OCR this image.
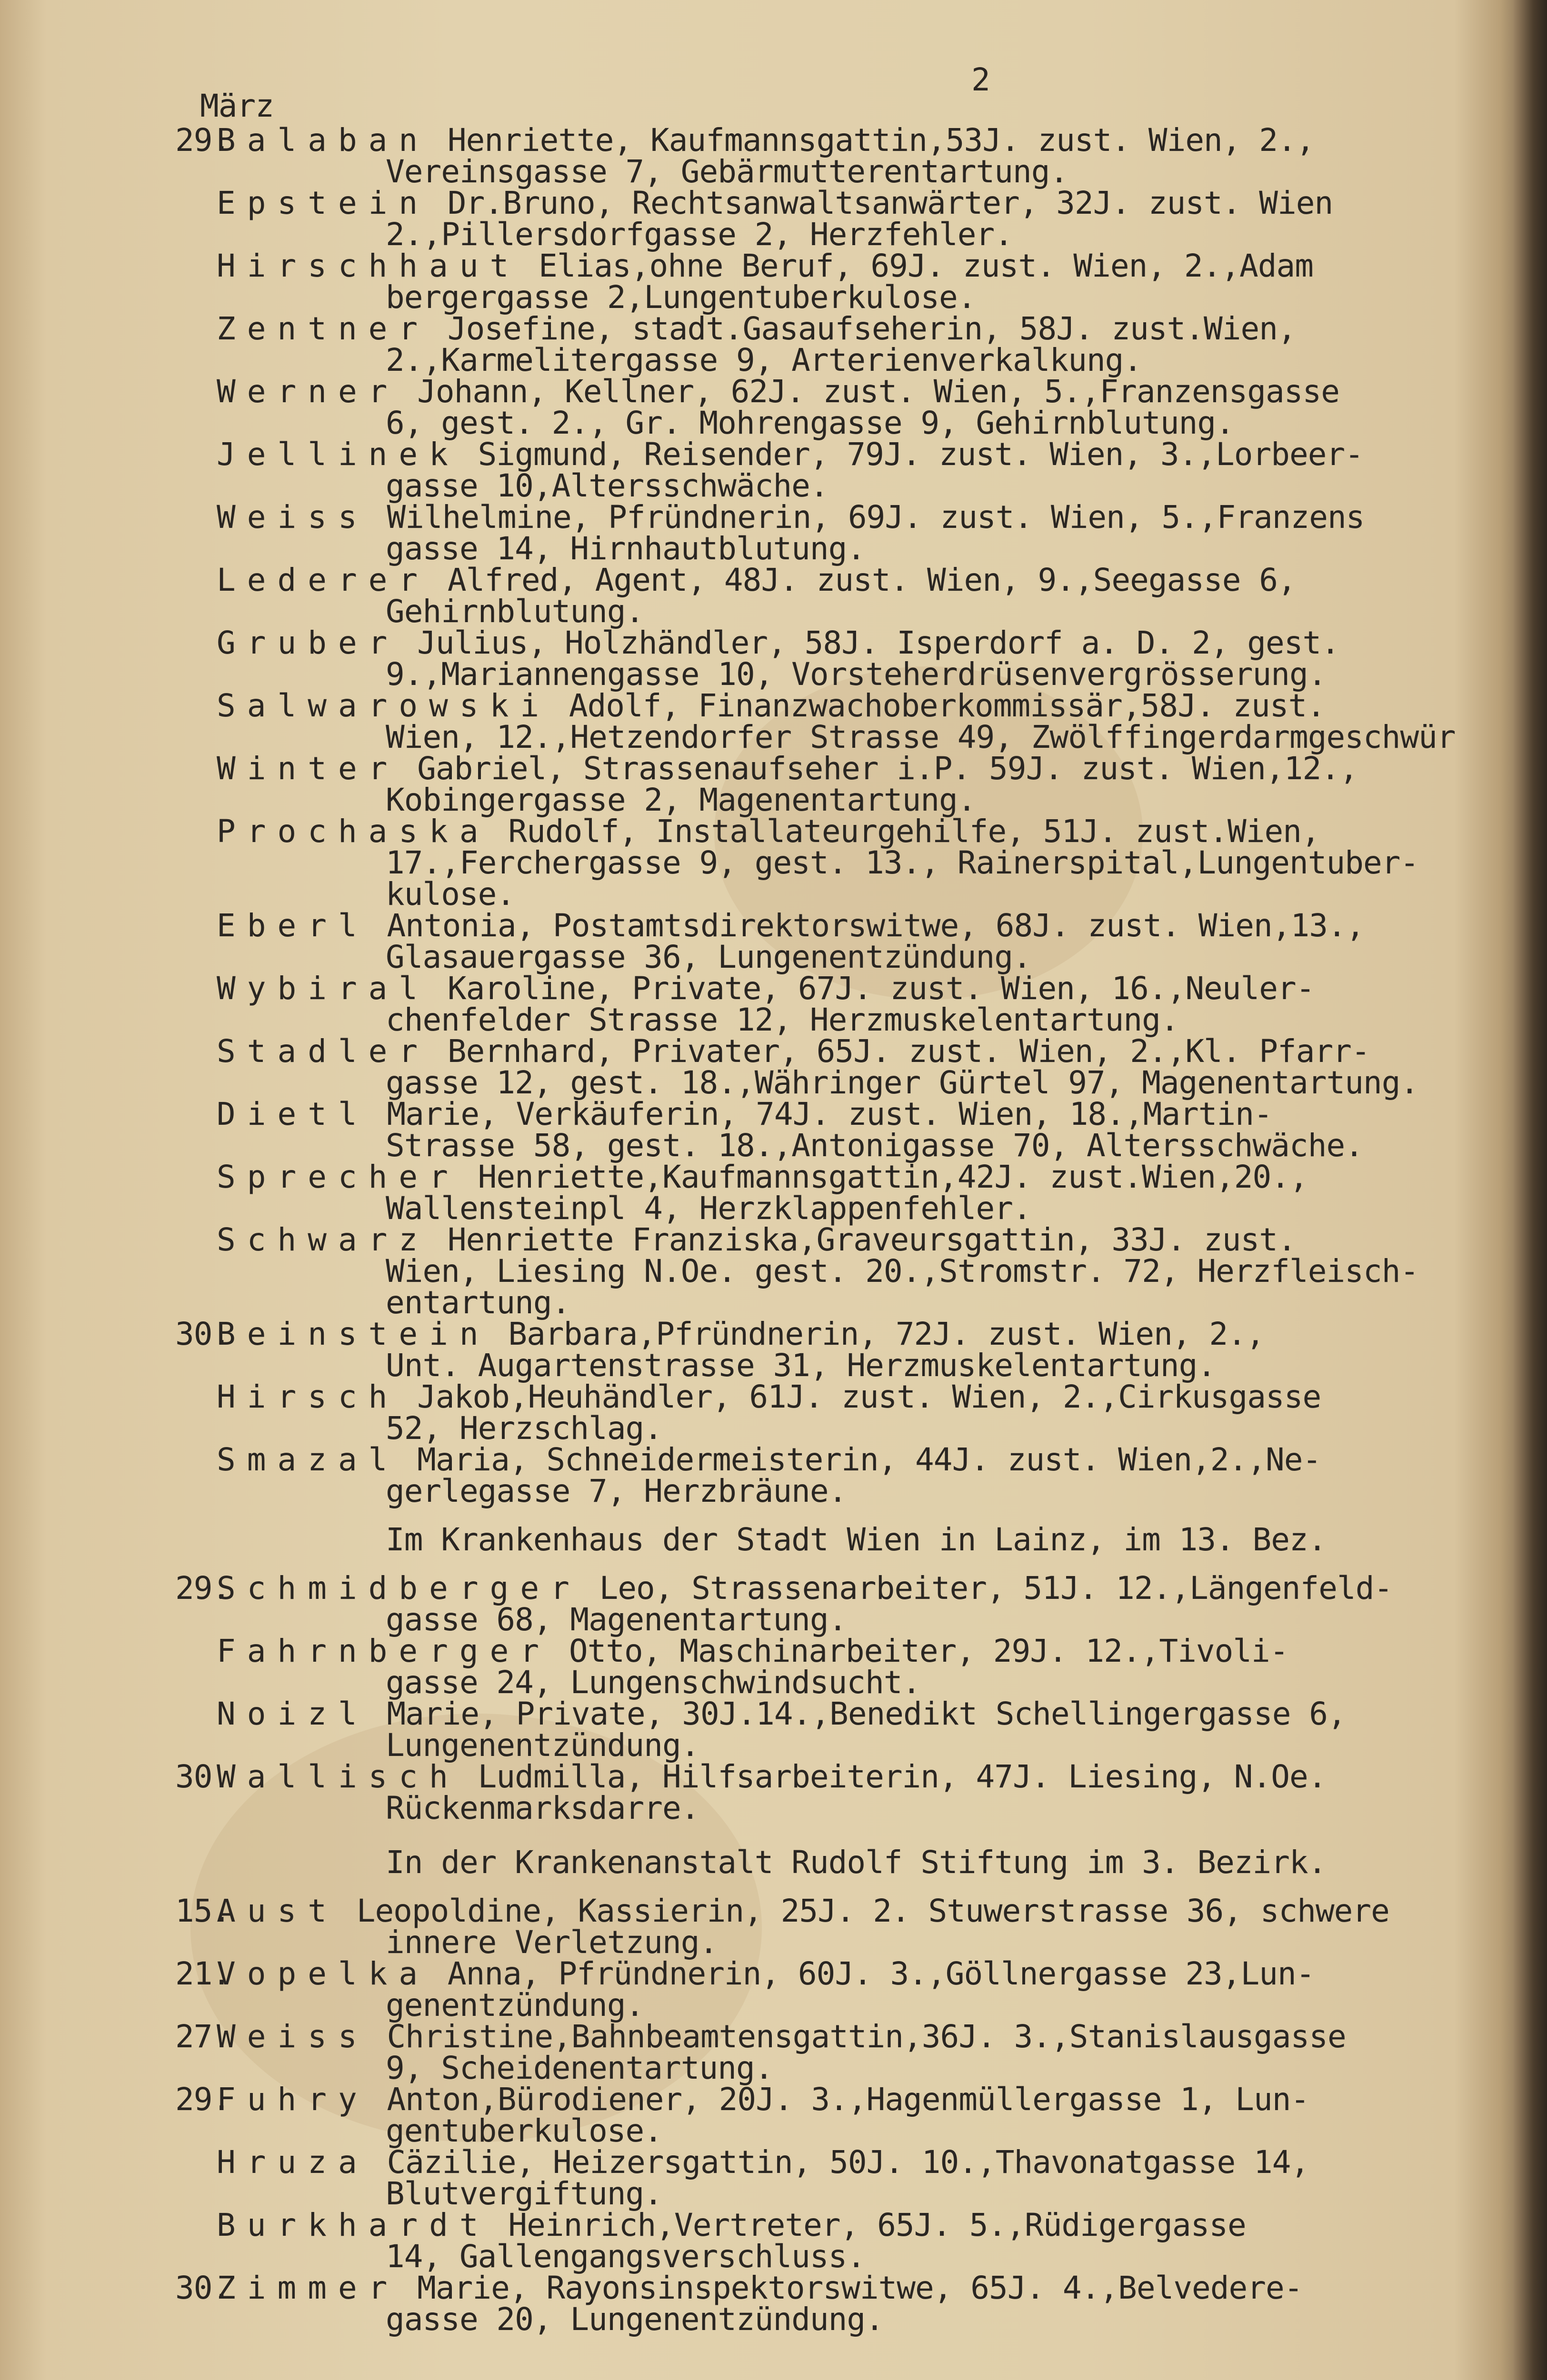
2
März
29.
Balaban Henriette, Kaufmannsgattin,53J. zust. Wien, 2.,
Vereinsgasse 7, Gebärmutterentartung.
Epstein Dr.Bruno, Rechtsanwaltsanwärter, 32J. zust. Wien
2.,Pillersdorfgasse 2, Herzfehler.
Hirschhaut Elias,ohne Beruf, 69J. zust. Wien, 2.,Adam
bergergasse 2,Lungentuberkulose.
Zentner Josefine, stadt.Gasaufseherin, 58J. zust.Wien,
2.,Karmelitergasse 9, Arterienverkalkung.
Werner Johann, Kellner, 62J. zust. Wien, 5.,Franzensgasse
6, gest. 2., Gr. Mohrengasse 9, Gehirnblutung.
Jellinek Sigmund, Reisender, 79J. zust. Wien, 3.,Lorbeer-
gasse 10,Altersschwäche.
Weiss Wilhelmine, Pfründnerin, 69J. zust. Wien, 5.,Franzens
gasse 14, Hirnhautblutung.
Lederer Alfred, Agent, 48J. zust. Wien, 9.,Seegasse 6,
Gehirnblutung.
Gruber Julius, Holzhändler, 58J. Isperdorf a. D. 2, gest.
9.,Mariannengasse 10, Vorsteherdrüsenvergrösserung.
Salwarowski Adolf, Finanzwachoberkommissär,58J. zust.
Wien, 12.,Hetzendorfer Strasse 49, Zwölffingerdarmgeschwür
Winter Gabriel, Strassenaufseher i.P. 59J. zust. Wien,12.,
Kobingergasse 2, Magenentartung.
Prochaska Rudolf, Installateurgehilfe, 51J. zust.Wien,
17.,Ferchergasse 9, gest. 13., Rainerspital,Lungentuber-
kulose.
Eberl Antonia, Postamtsdirektorswitwe, 68J. zust. Wien,13.,
Glasauergasse 36, Lungenentzündung.
Wybiral Karoline, Private, 67J. zust. Wien, 16.,Neuler-
chenfelder Strasse 12, Herzmuskelentartung.
Stadler Bernhard, Privater, 65J. zust. Wien, 2.,Kl. Pfarr-
gasse 12, gest. 18.,Währinger Gürtel 97, Magenentartung.
Dietl Marie, Verkäuferin, 74J. zust. Wien, 18.,Martin-
Strasse 58, gest. 18.,Antonigasse 70, Altersschwäche.
Sprecher Henriette,Kaufmannsgattin,42J. zust.Wien,20.,
Wallensteinpl 4, Herzklappenfehler.
Schwarz Henriette Franziska,Graveursgattin, 33J. zust.
Wien, Liesing N.Oe. gest. 20.,Stromstr. 72, Herzfleisch-
entartung.
30.
Beinstein Barbara,Pfründnerin, 72J. zust. Wien, 2.,
Unt. Augartenstrasse 31, Herzmuskelentartung.
Hirsch Jakob,Heuhändler, 61J. zust. Wien, 2.,Cirkusgasse
52, Herzschlag.
Smazal Maria, Schneidermeisterin, 44J. zust. Wien,2.,Ne-
gerlegasse 7, Herzbräune.
Im Krankenhaus der Stadt Wien in Lainz, im 13. Bez.
29.
Schmidberger Leo, Strassenarbeiter, 51J. 12.,Längenfeld-
gasse 68, Magenentartung.
Fahrnberger Otto, Maschinarbeiter, 29J. 12.,Tivoli-
gasse 24, Lungenschwindsucht.
Noizl Marie, Private, 30J.14.,Benedikt Schellingergasse 6,
Lungenentzündung.
30.
Wallisch Ludmilla, Hilfsarbeiterin, 47J. Liesing, N.Oe.
Rückenmarksdarre.
In der Krankenanstalt Rudolf Stiftung im 3. Bezirk.
15.
Aust Leopoldine, Kassierin, 25J. 2. Stuwerstrasse 36, schwere
innere Verletzung.
21.
Vopelka Anna, Pfründnerin, 60J. 3.,Göllnergasse 23,Lun-
genentzündung.
27.
Weiss Christine,Bahnbeamtensgattin,36J. 3.,Stanislausgasse
9, Scheidenentartung.
29.
Fuhry Anton,Bürodiener, 20J. 3.,Hagenmüllergasse 1, Lun-
gentuberkulose.
Hruza Cäzilie, Heizersgattin, 50J. 10.,Thavonatgasse 14,
Blutvergiftung.
Burkhardt Heinrich,Vertreter, 65J. 5.,Rüdigergasse
14, Gallengangsverschluss.
30.
Zimmer Marie, Rayonsinspektorswitwe, 65J. 4.,Belvedere-
gasse 20, Lungenentzündung.
